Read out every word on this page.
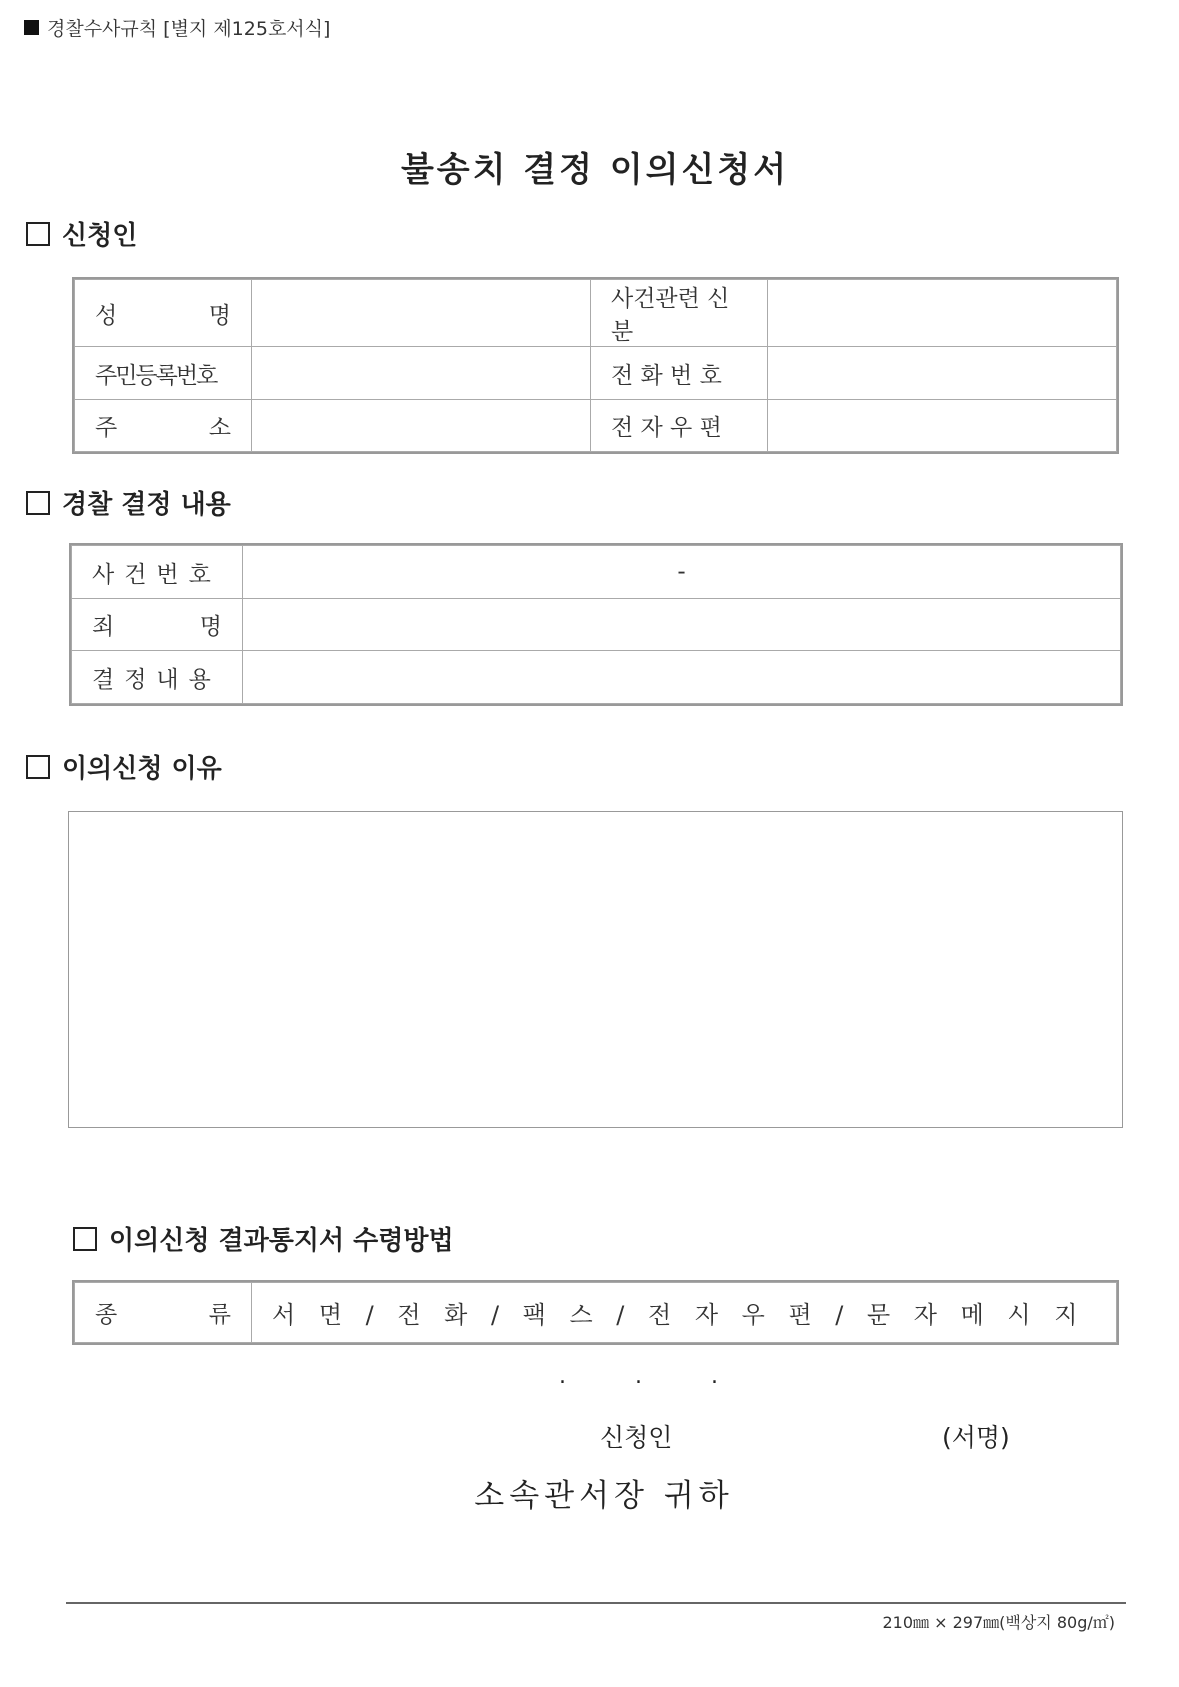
경찰수사규칙 [별지 제125호서식]
불송치 결정 이의신청서
신청인
성 명		사건관련 신분	
주민등록번호		전 화 번 호	

주 소		전 자 우 편	
경찰 결정 내용
사건번호	-

죄 명	

결정내용	
이의신청 이유
이의신청 결과통지서 수령방법
종	류	서 면 / 전 화 / 팩 스 / 전 자 우 편 / 문 자 메 시 지
.	.	.
신청인	(서명)
소속관서장 귀하
210㎜ × 297㎜(백상지 80g/㎡)
